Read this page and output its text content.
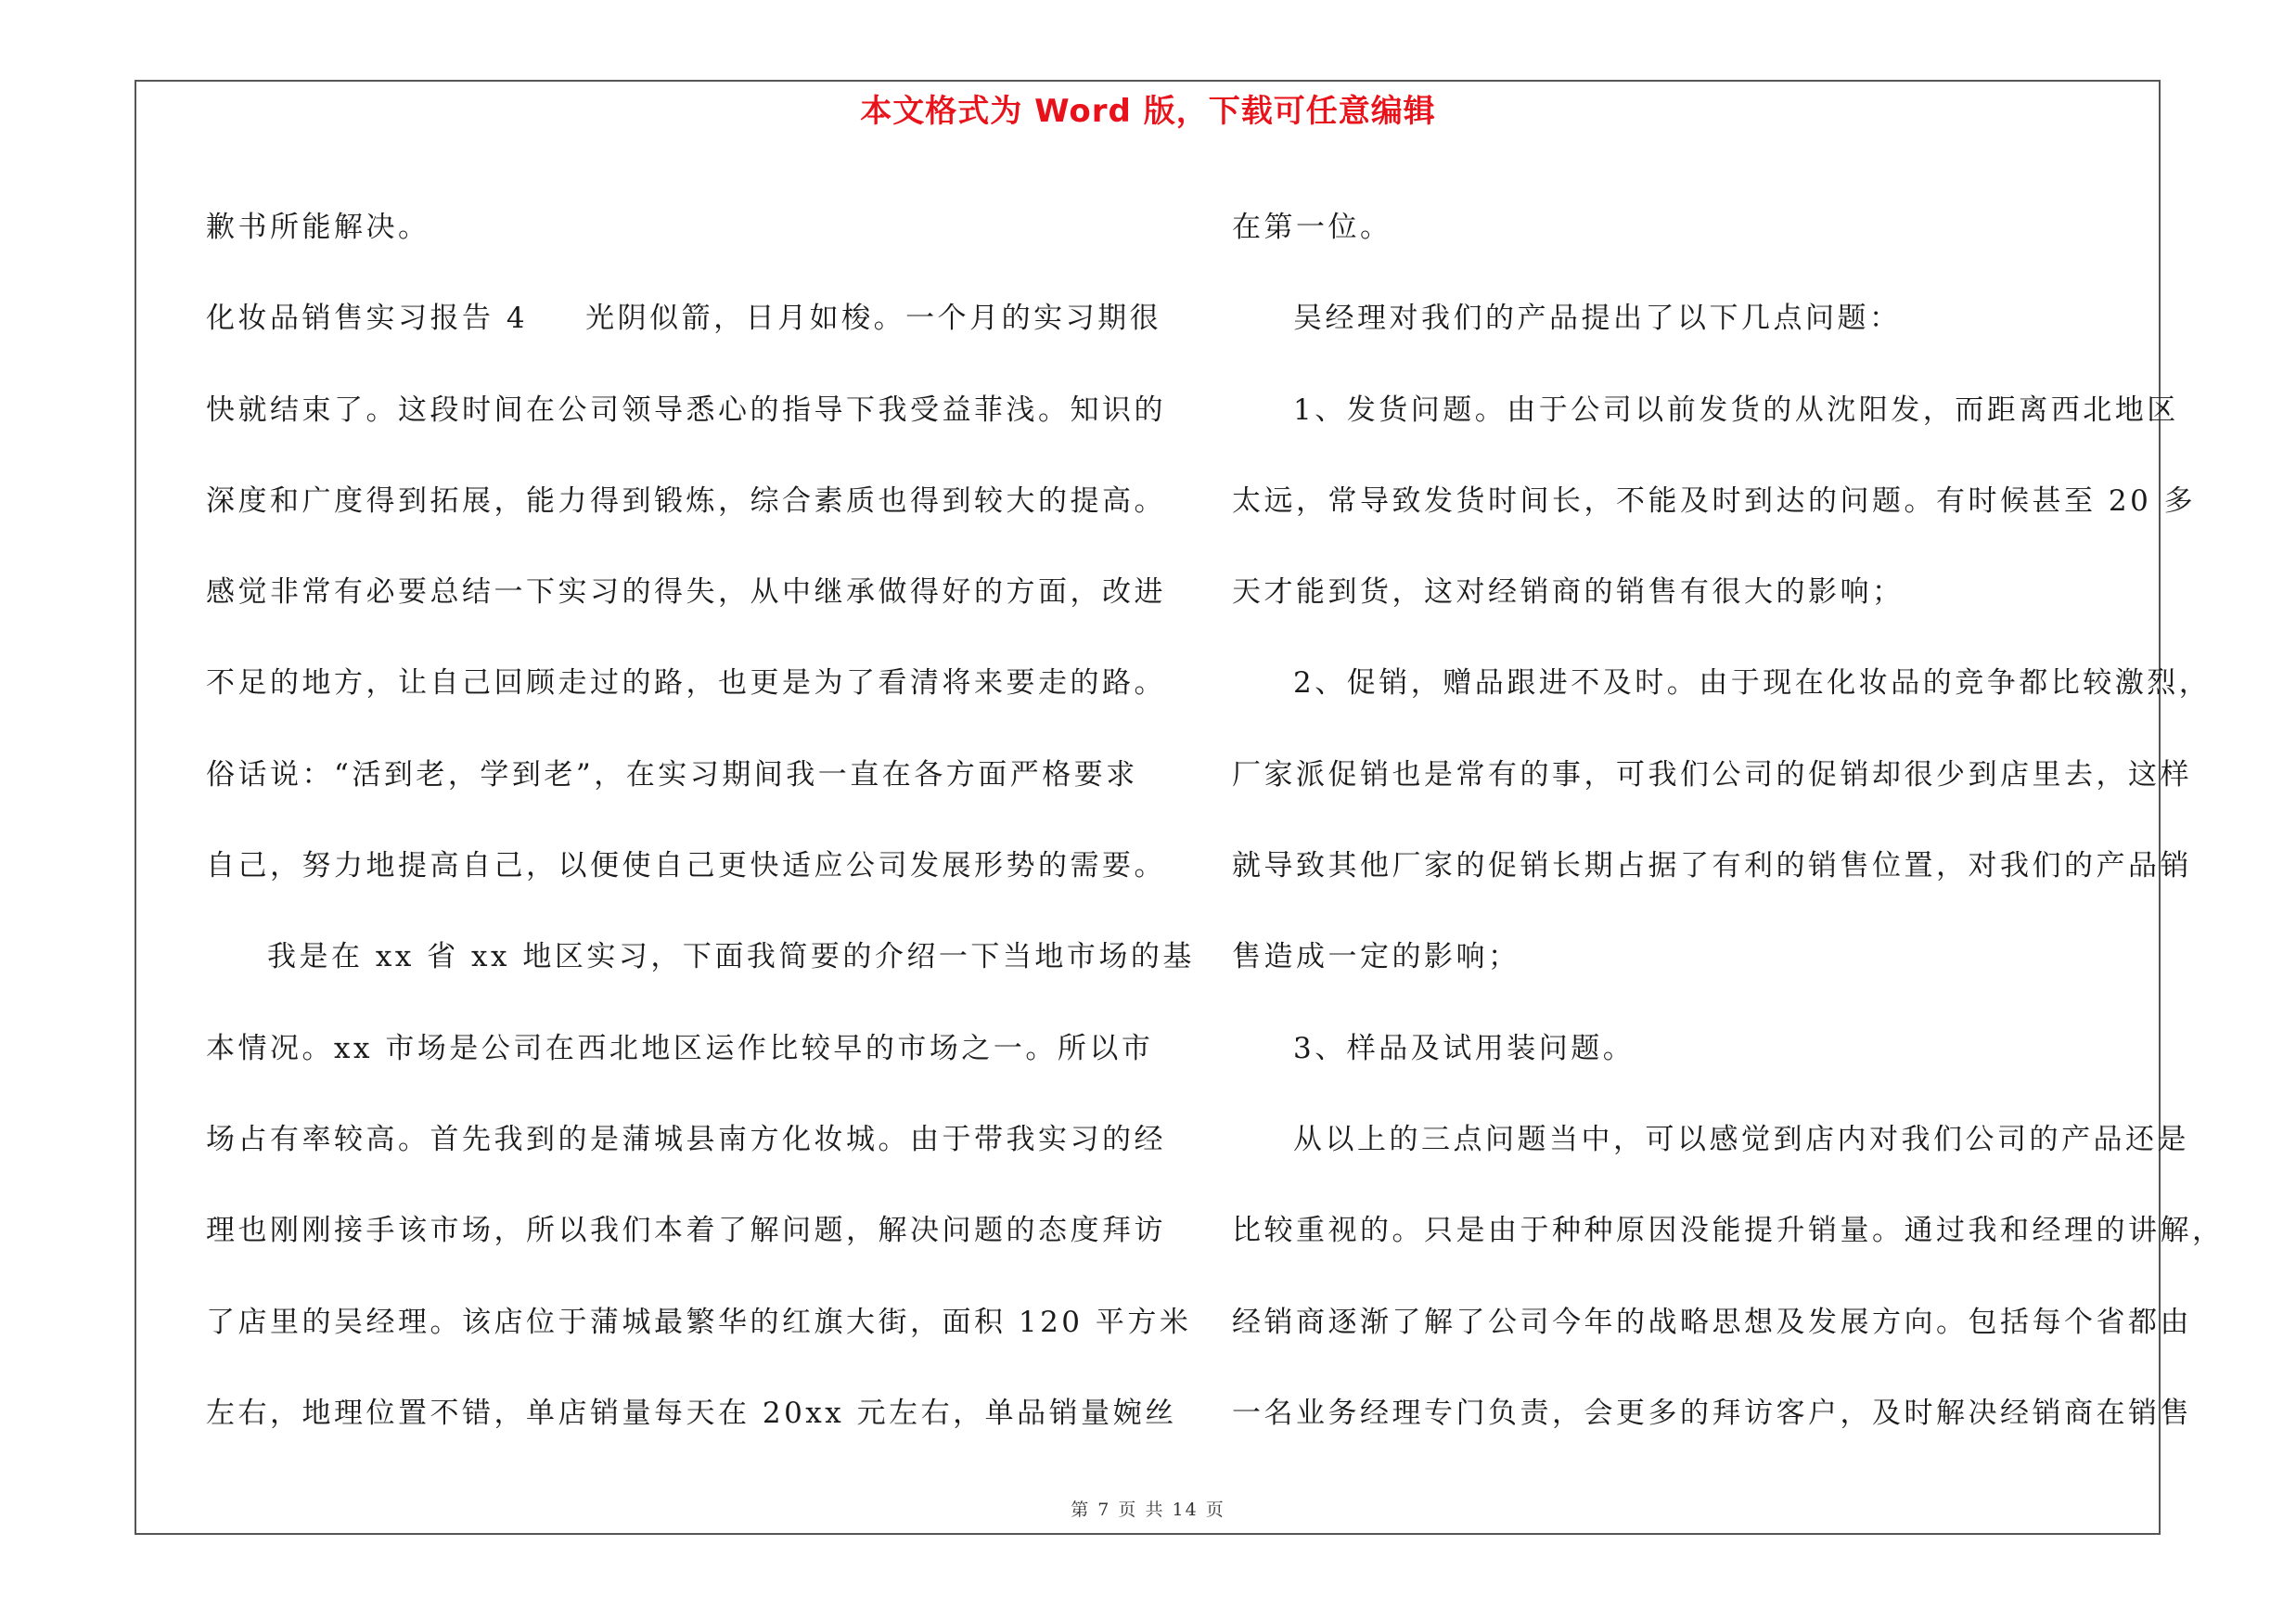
本文格式为 Word 版，下载可任意编辑
歉书所能解决。
化妆品销售实习报告 4 光阴似箭，日月如梭。一个月的实习期很
快就结束了。这段时间在公司领导悉心的指导下我受益菲浅。知识的
深度和广度得到拓展，能力得到锻炼，综合素质也得到较大的提高。
感觉非常有必要总结一下实习的得失，从中继承做得好的方面，改进
不足的地方，让自己回顾走过的路，也更是为了看清将来要走的路。
俗话说：“活到老，学到老”，在实习期间我一直在各方面严格要求
自己，努力地提高自己，以便使自己更快适应公司发展形势的需要。
我是在 xx 省 xx 地区实习，下面我简要的介绍一下当地市场的基
本情况。xx 市场是公司在西北地区运作比较早的市场之一。所以市
场占有率较高。首先我到的是蒲城县南方化妆城。由于带我实习的经
理也刚刚接手该市场，所以我们本着了解问题，解决问题的态度拜访
了店里的吴经理。该店位于蒲城最繁华的红旗大街，面积 120 平方米
左右，地理位置不错，单店销量每天在 20xx 元左右，单品销量婉丝
在第一位。
吴经理对我们的产品提出了以下几点问题：
1、发货问题。由于公司以前发货的从沈阳发，而距离西北地区
太远，常导致发货时间长，不能及时到达的问题。有时候甚至 20 多
天才能到货，这对经销商的销售有很大的影响；
2、促销，赠品跟进不及时。由于现在化妆品的竞争都比较激烈，
厂家派促销也是常有的事，可我们公司的促销却很少到店里去，这样
就导致其他厂家的促销长期占据了有利的销售位置，对我们的产品销
售造成一定的影响；
3、样品及试用装问题。
从以上的三点问题当中，可以感觉到店内对我们公司的产品还是
比较重视的。只是由于种种原因没能提升销量。通过我和经理的讲解，
经销商逐渐了解了公司今年的战略思想及发展方向。包括每个省都由
一名业务经理专门负责，会更多的拜访客户，及时解决经销商在销售
第 7 页 共 14 页
